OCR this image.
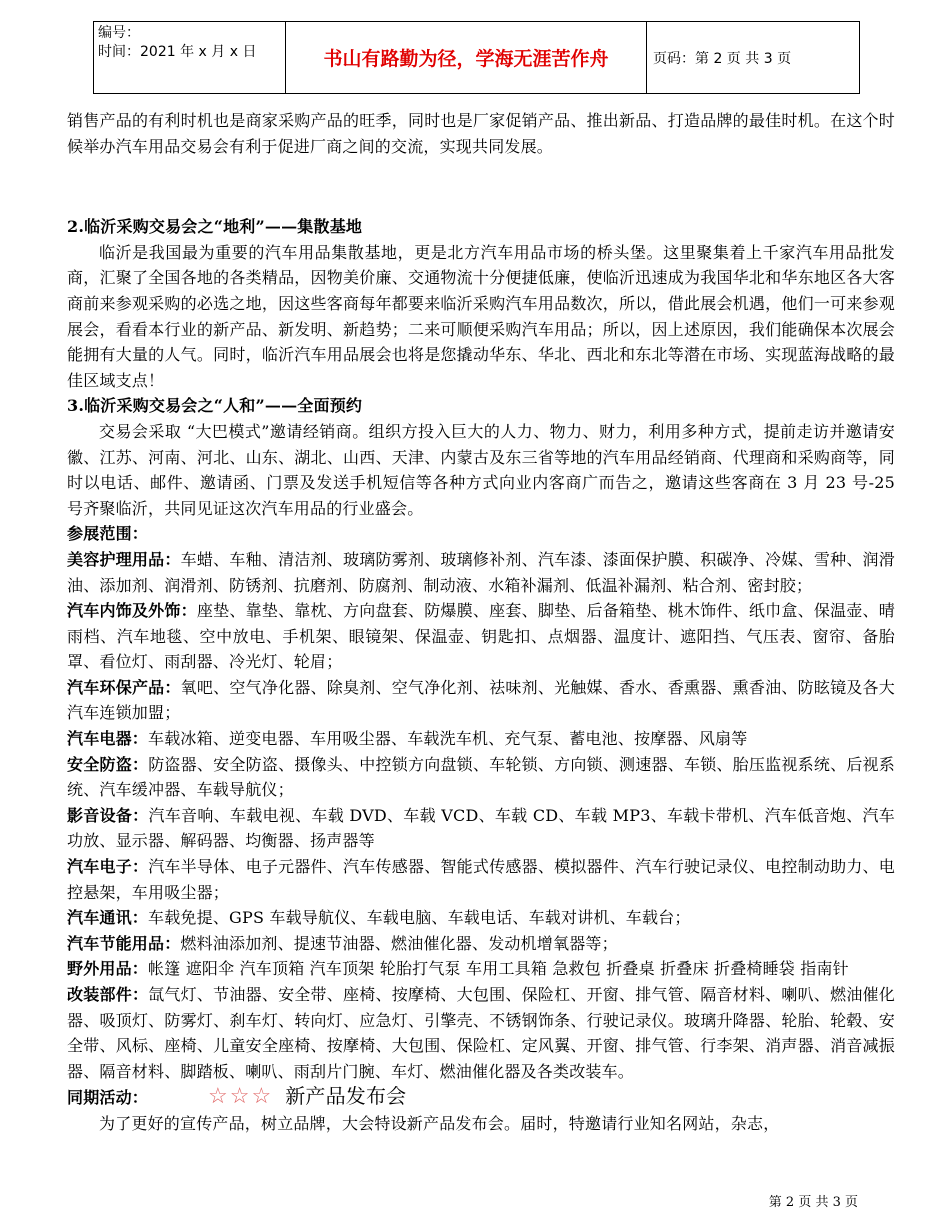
编号：
时间：2021 年 x 月 x 日	书山有路勤为径，学海无涯苦作舟	页码：第 2 页 共 3 页

销售产品的有利时机也是商家采购产品的旺季，同时也是厂家促销产品、推出新品、打造品牌的最佳时机。在这个时候举办汽车用品交易会有利于促进厂商之间的交流，实现共同发展。

2.临沂采购交易会之“地利”——集散基地

临沂是我国最为重要的汽车用品集散基地，更是北方汽车用品市场的桥头堡。这里聚集着上千家汽车用品批发商，汇聚了全国各地的各类精品，因物美价廉、交通物流十分便捷低廉，使临沂迅速成为我国华北和华东地区各大客商前来参观采购的必选之地，因这些客商每年都要来临沂采购汽车用品数次，所以，借此展会机遇，他们一可来参观展会，看看本行业的新产品、新发明、新趋势；二来可顺便采购汽车用品；所以，因上述原因，我们能确保本次展会能拥有大量的人气。同时，临沂汽车用品展会也将是您撬动华东、华北、西北和东北等潜在市场、实现蓝海战略的最佳区域支点！

3.临沂采购交易会之“人和”——全面预约

交易会采取 “大巴模式”邀请经销商。组织方投入巨大的人力、物力、财力，利用多种方式，提前走访并邀请安徽、江苏、河南、河北、山东、湖北、山西、天津、内蒙古及东三省等地的汽车用品经销商、代理商和采购商等，同时以电话、邮件、邀请函、门票及发送手机短信等各种方式向业内客商广而告之，邀请这些客商在 3 月 23 号-25 号齐聚临沂，共同见证这次汽车用品的行业盛会。

参展范围：

美容护理用品：车蜡、车釉、清洁剂、玻璃防雾剂、玻璃修补剂、汽车漆、漆面保护膜、积碳净、冷媒、雪种、润滑油、添加剂、润滑剂、防锈剂、抗磨剂、防腐剂、制动液、水箱补漏剂、低温补漏剂、粘合剂、密封胶；

汽车内饰及外饰：座垫、靠垫、靠枕、方向盘套、防爆膜、座套、脚垫、后备箱垫、桃木饰件、纸巾盒、保温壶、晴雨档、汽车地毯、空中放电、手机架、眼镜架、保温壶、钥匙扣、点烟器、温度计、遮阳挡、气压表、窗帘、备胎罩、看位灯、雨刮器、冷光灯、轮眉；

汽车环保产品：氧吧、空气净化器、除臭剂、空气净化剂、祛味剂、光触媒、香水、香熏器、熏香油、防眩镜及各大汽车连锁加盟；

汽车电器：车载冰箱、逆变电器、车用吸尘器、车载洗车机、充气泵、蓄电池、按摩器、风扇等

安全防盗：防盗器、安全防盗、摄像头、中控锁方向盘锁、车轮锁、方向锁、测速器、车锁、胎压监视系统、后视系统、汽车缓冲器、车载导航仪；

影音设备：汽车音响、车载电视、车载 DVD、车载 VCD、车载 CD、车载 MP3、车载卡带机、汽车低音炮、汽车功放、显示器、解码器、均衡器、扬声器等

汽车电子：汽车半导体、电子元器件、汽车传感器、智能式传感器、模拟器件、汽车行驶记录仪、电控制动助力、电控悬架，车用吸尘器；

汽车通讯：车载免提、GPS 车载导航仪、车载电脑、车载电话、车载对讲机、车载台；

汽车节能用品：燃料油添加剂、提速节油器、燃油催化器、发动机增氧器等；

野外用品：帐篷 遮阳伞 汽车顶箱 汽车顶架 轮胎打气泵 车用工具箱 急救包 折叠桌 折叠床 折叠椅睡袋 指南针

改装部件：氙气灯、节油器、安全带、座椅、按摩椅、大包围、保险杠、开窗、排气管、隔音材料、喇叭、燃油催化器、吸顶灯、防雾灯、刹车灯、转向灯、应急灯、引擎壳、不锈钢饰条、行驶记录仪。玻璃升降器、轮胎、轮毂、安全带、风标、座椅、儿童安全座椅、按摩椅、大包围、保险杠、定风翼、开窗、排气管、行李架、消声器、消音减振器、隔音材料、脚踏板、喇叭、雨刮片门腕、车灯、燃油催化器及各类改装车。

同期活动：	☆☆☆ 新产品发布会

为了更好的宣传产品，树立品牌，大会特设新产品发布会。届时，特邀请行业知名网站，杂志，

第 2 页 共 3 页
